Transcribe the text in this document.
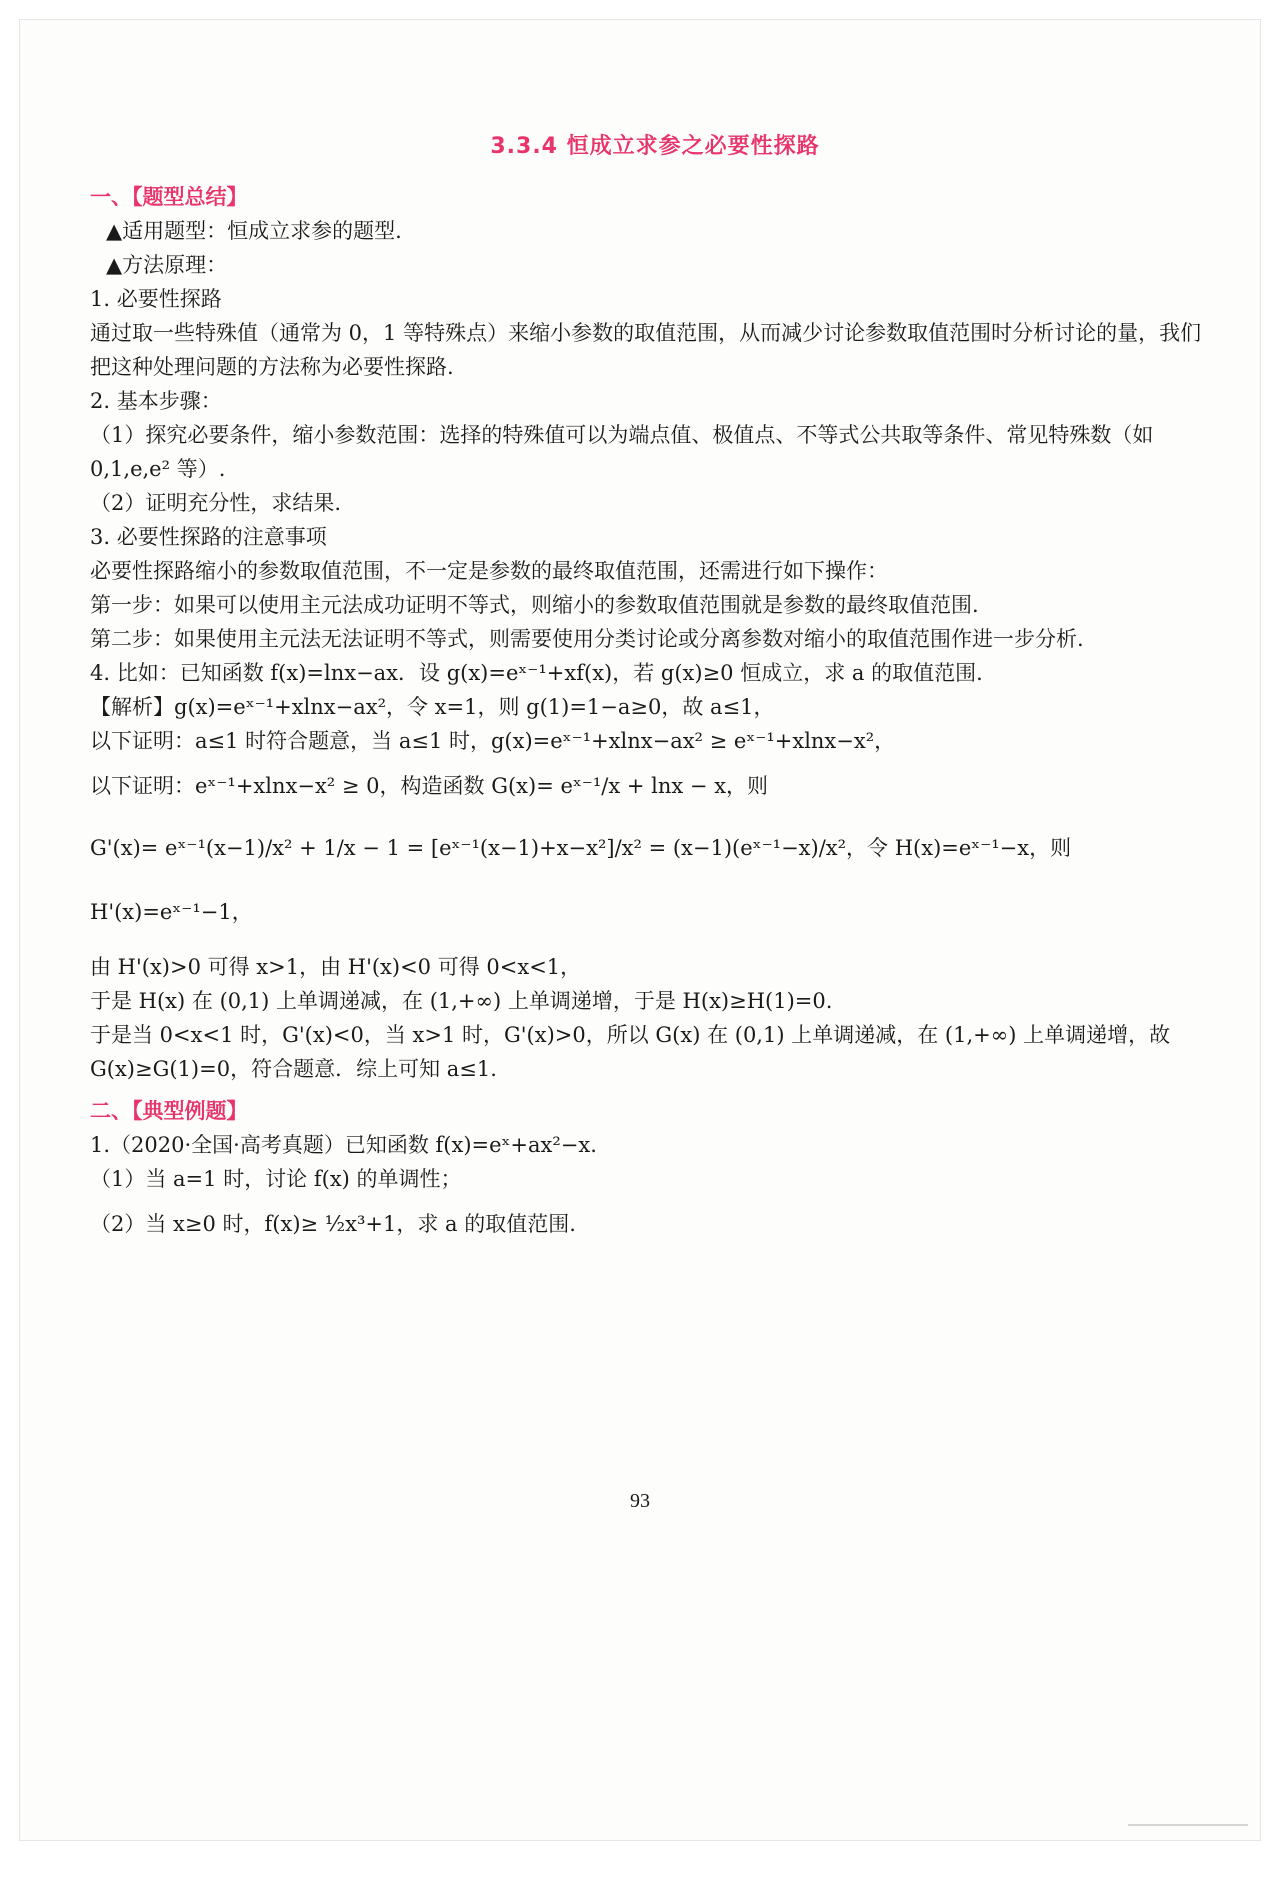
3.3.4 恒成立求参之必要性探路
一、【题型总结】
▲适用题型：恒成立求参的题型.
▲方法原理：
1. 必要性探路
通过取一些特殊值（通常为 0，1 等特殊点）来缩小参数的取值范围，从而减少讨论参数取值范围时分析讨论的量，我们把这种处理问题的方法称为必要性探路.
2. 基本步骤：
（1）探究必要条件，缩小参数范围：选择的特殊值可以为端点值、极值点、不等式公共取等条件、常见特殊数（如 0,1,e,e² 等）.
（2）证明充分性，求结果.
3. 必要性探路的注意事项
必要性探路缩小的参数取值范围，不一定是参数的最终取值范围，还需进行如下操作：
第一步：如果可以使用主元法成功证明不等式，则缩小的参数取值范围就是参数的最终取值范围.
第二步：如果使用主元法无法证明不等式，则需要使用分类讨论或分离参数对缩小的取值范围作进一步分析.
4. 比如：已知函数 f(x)=lnx−ax．设 g(x)=eˣ⁻¹+xf(x)，若 g(x)≥0 恒成立，求 a 的取值范围.
【解析】g(x)=eˣ⁻¹+xlnx−ax²，令 x=1，则 g(1)=1−a≥0，故 a≤1，
以下证明：a≤1 时符合题意，当 a≤1 时，g(x)=eˣ⁻¹+xlnx−ax² ≥ eˣ⁻¹+xlnx−x²，
以下证明：eˣ⁻¹+xlnx−x² ≥ 0，构造函数 G(x)= eˣ⁻¹/x + lnx − x，则
G'(x)= eˣ⁻¹(x−1)/x² + 1/x − 1 = [eˣ⁻¹(x−1)+x−x²]/x² = (x−1)(eˣ⁻¹−x)/x²，令 H(x)=eˣ⁻¹−x，则 H'(x)=eˣ⁻¹−1，
由 H'(x)>0 可得 x>1，由 H'(x)<0 可得 0<x<1，
于是 H(x) 在 (0,1) 上单调递减，在 (1,+∞) 上单调递增，于是 H(x)≥H(1)=0.
于是当 0<x<1 时，G'(x)<0，当 x>1 时，G'(x)>0，所以 G(x) 在 (0,1) 上单调递减，在 (1,+∞) 上单调递增，故 G(x)≥G(1)=0，符合题意．综上可知 a≤1.
二、【典型例题】
1.（2020·全国·高考真题）已知函数 f(x)=eˣ+ax²−x.
（1）当 a=1 时，讨论 f(x) 的单调性；
（2）当 x≥0 时，f(x)≥ ½x³+1，求 a 的取值范围.
93
